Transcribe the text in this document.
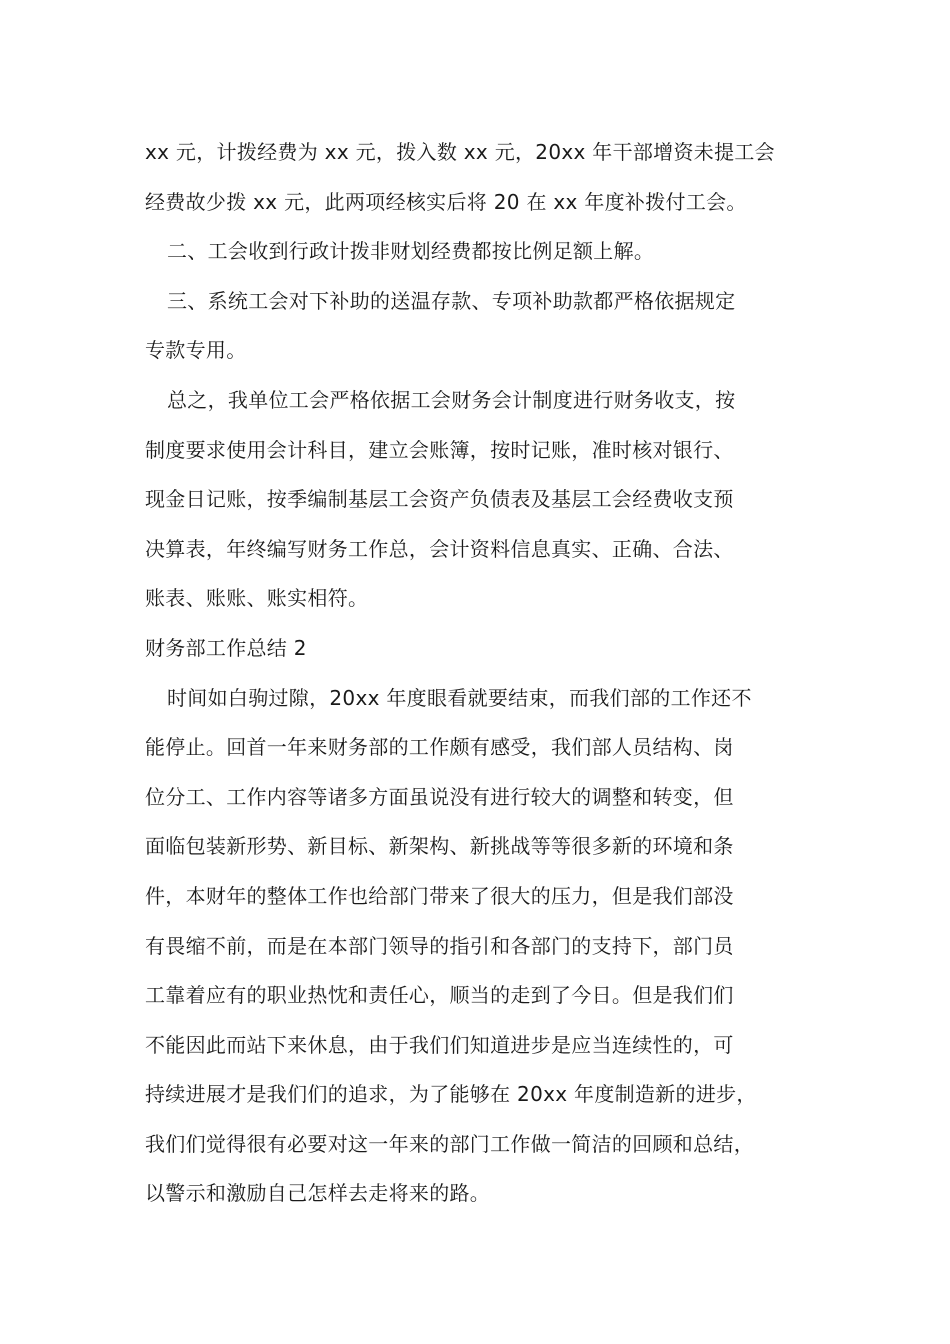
xx 元，计拨经费为 xx 元，拨入数 xx 元，20xx 年干部增资未提工会
经费故少拨 xx 元，此两项经核实后将 20 在 xx 年度补拨付工会。
二、工会收到行政计拨非财划经费都按比例足额上解。
三、系统工会对下补助的送温存款、专项补助款都严格依据规定
专款专用。
总之，我单位工会严格依据工会财务会计制度进行财务收支，按
制度要求使用会计科目，建立会账簿，按时记账，准时核对银行、
现金日记账，按季编制基层工会资产负债表及基层工会经费收支预
决算表，年终编写财务工作总，会计资料信息真实、正确、合法、
账表、账账、账实相符。
财务部工作总结 2
时间如白驹过隙，20xx 年度眼看就要结束，而我们部的工作还不
能停止。回首一年来财务部的工作颇有感受，我们部人员结构、岗
位分工、工作内容等诸多方面虽说没有进行较大的调整和转变，但
面临包装新形势、新目标、新架构、新挑战等等很多新的环境和条
件，本财年的整体工作也给部门带来了很大的压力，但是我们部没
有畏缩不前，而是在本部门领导的指引和各部门的支持下，部门员
工靠着应有的职业热忱和责任心，顺当的走到了今日。但是我们们
不能因此而站下来休息，由于我们们知道进步是应当连续性的，可
持续进展才是我们们的追求，为了能够在 20xx 年度制造新的进步，
我们们觉得很有必要对这一年来的部门工作做一简洁的回顾和总结，
以警示和激励自己怎样去走将来的路。
